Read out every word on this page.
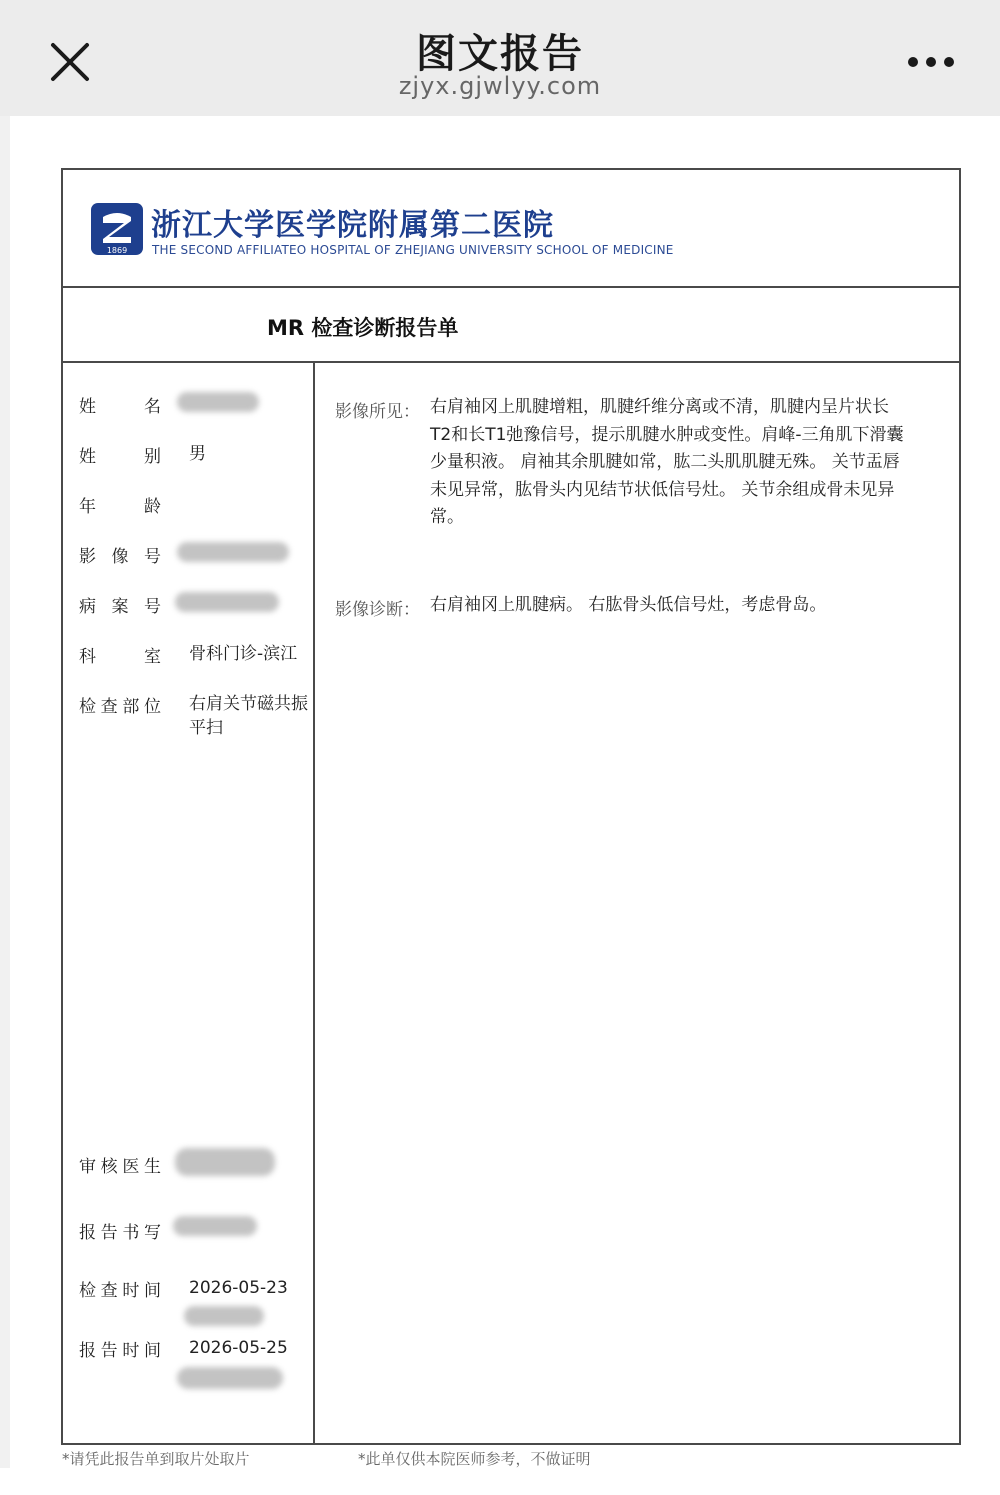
图文报告
zjyx.gjwlyy.com
1869
浙江大学医学院附属第二医院
THE SECOND AFFILIATEO HOSPITAL OF ZHEJIANG UNIVERSITY SCHOOL OF MEDICINE
MR 检查诊断报告单
姓	名
姓	别 男
年	龄
影 像 号
病 案 号
科	室 骨科门诊-滨江
检 查 部 位 右肩关节磁共振平扫
审 核 医 生
报 告 书 写
检 查 时 间 2026-05-23
报 告 时 间 2026-05-25
影像所见： 右肩袖冈上肌腱增粗，肌腱纤维分离或不清，肌腱内呈片状长T2和长T1弛豫信号，提示肌腱水肿或变性。肩峰-三角肌下滑囊少量积液。 肩袖其余肌腱如常，肱二头肌肌腱无殊。 关节盂唇未见异常，肱骨头内见结节状低信号灶。 关节余组成骨未见异常。
影像诊断： 右肩袖冈上肌腱病。 右肱骨头低信号灶，考虑骨岛。
*请凭此报告单到取片处取片	*此单仅供本院医师参考，不做证明
